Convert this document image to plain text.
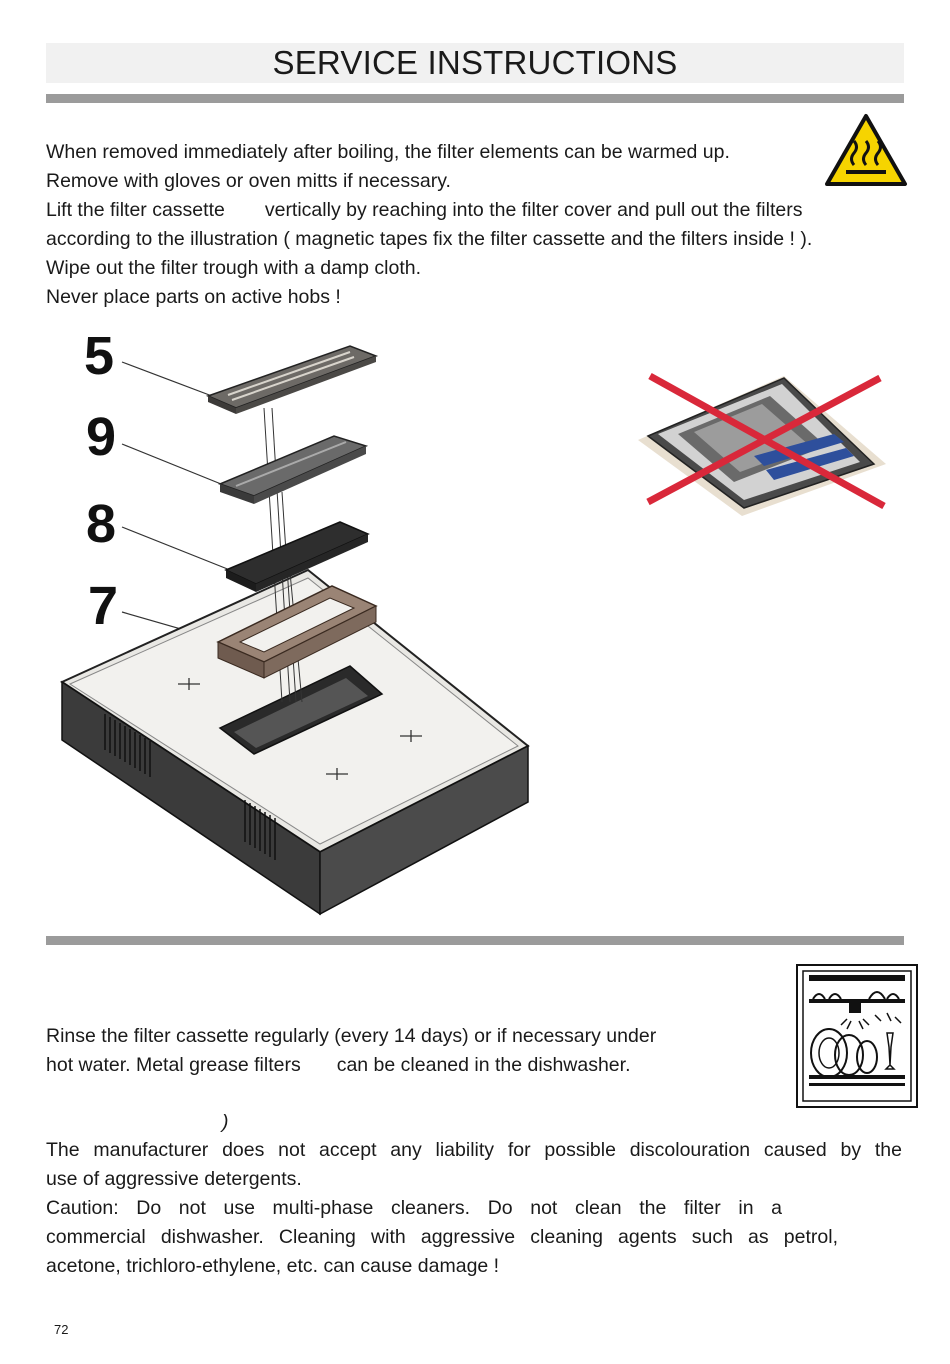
SERVICE INSTRUCTIONS
When removed immediately after boiling, the filter elements can be warmed up.
Remove with gloves or oven mitts if necessary.
Lift the filter cassette vertically by reaching into the filter cover and pull out the filters
according to the illustration ( magnetic tapes fix the filter cassette and the filters inside ! ).
Wipe out the filter trough with a damp cloth.
Never place parts on active hobs !
5
9
8
7
Rinse the filter cassette regularly (every 14 days) or if necessary under
hot water. Metal grease filters can be cleaned in the dishwasher.
)
The manufacturer does not accept any liability for possible discolouration caused by the
use of aggressive detergents.
Caution: Do not use multi-phase cleaners. Do not clean the filter in a
commercial dishwasher. Cleaning with aggressive cleaning agents such as petrol,
acetone, trichloro-ethylene, etc. can cause damage !
72
